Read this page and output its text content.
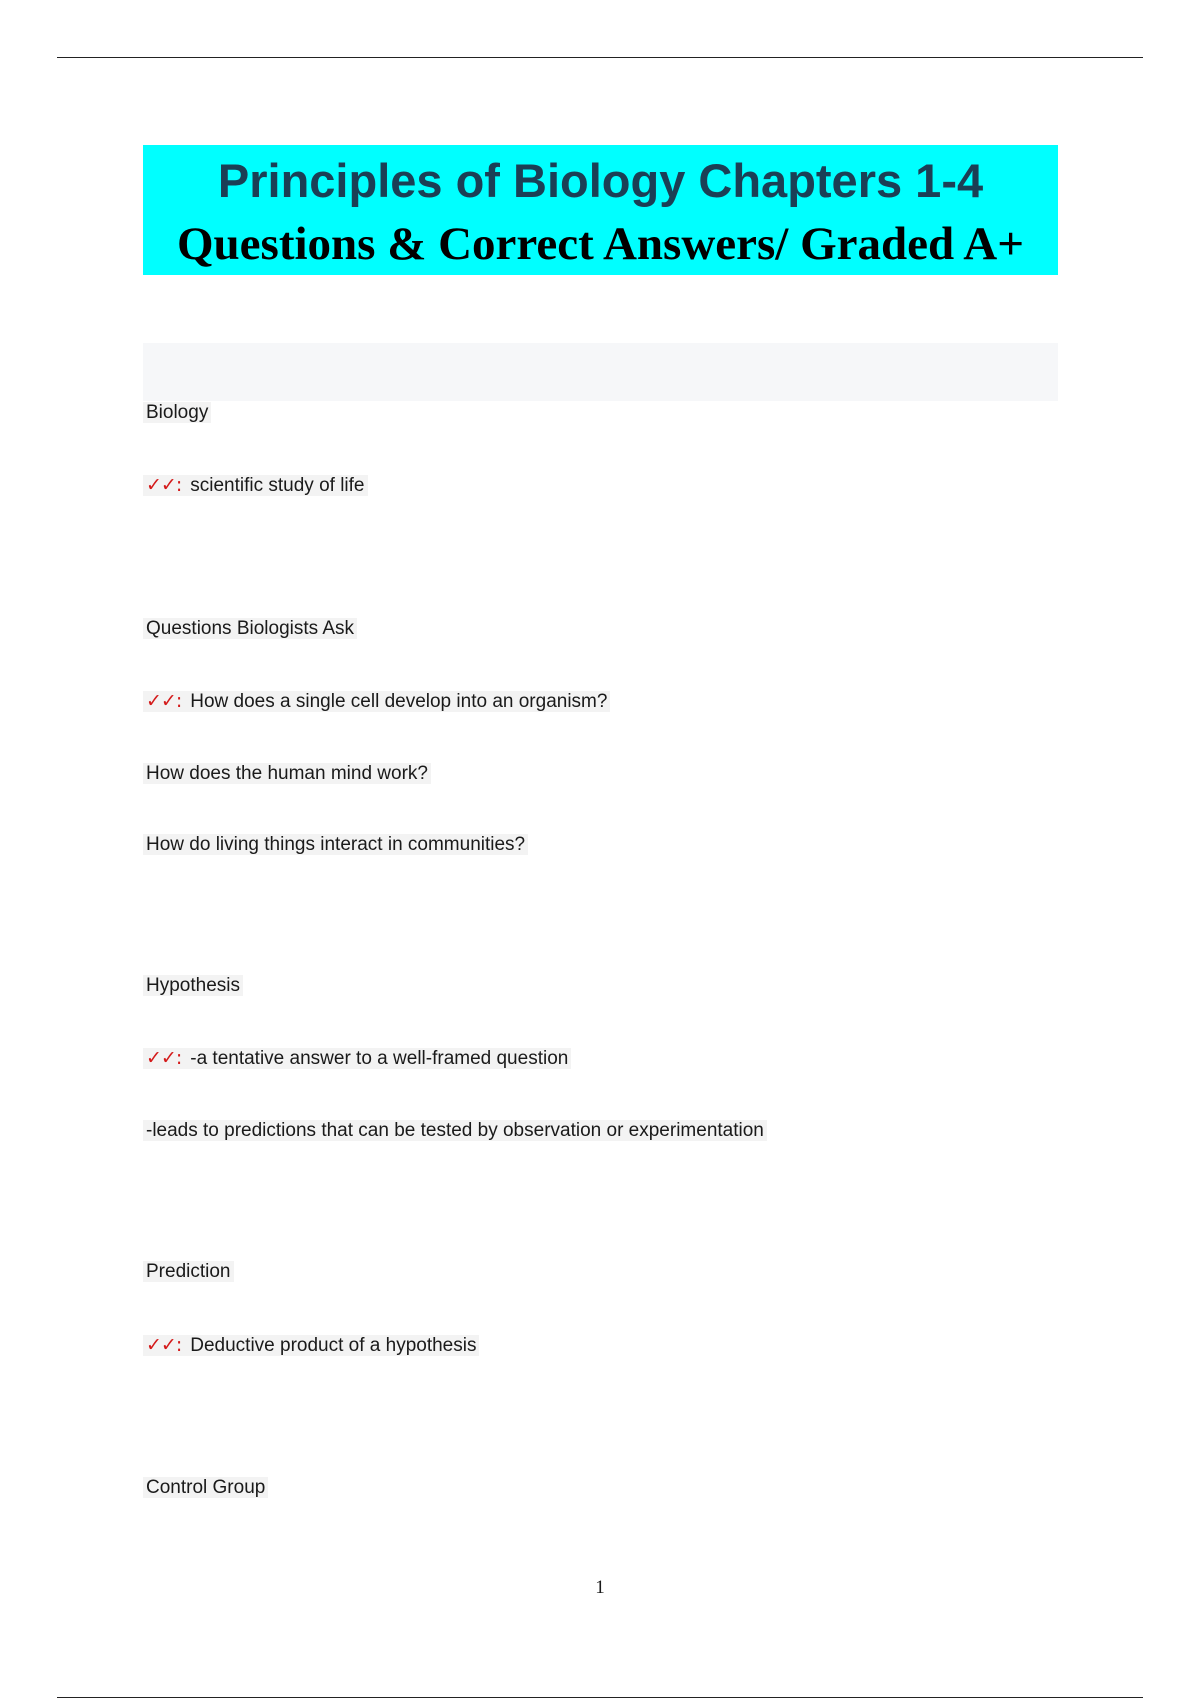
Principles of Biology Chapters 1-4
Questions & Correct Answers/ Graded A+
Biology
✓✓: scientific study of life
Questions Biologists Ask
✓✓: How does a single cell develop into an organism?
How does the human mind work?
How do living things interact in communities?
Hypothesis
✓✓: -a tentative answer to a well-framed question
-leads to predictions that can be tested by observation or experimentation
Prediction
✓✓: Deductive product of a hypothesis
Control Group
1
